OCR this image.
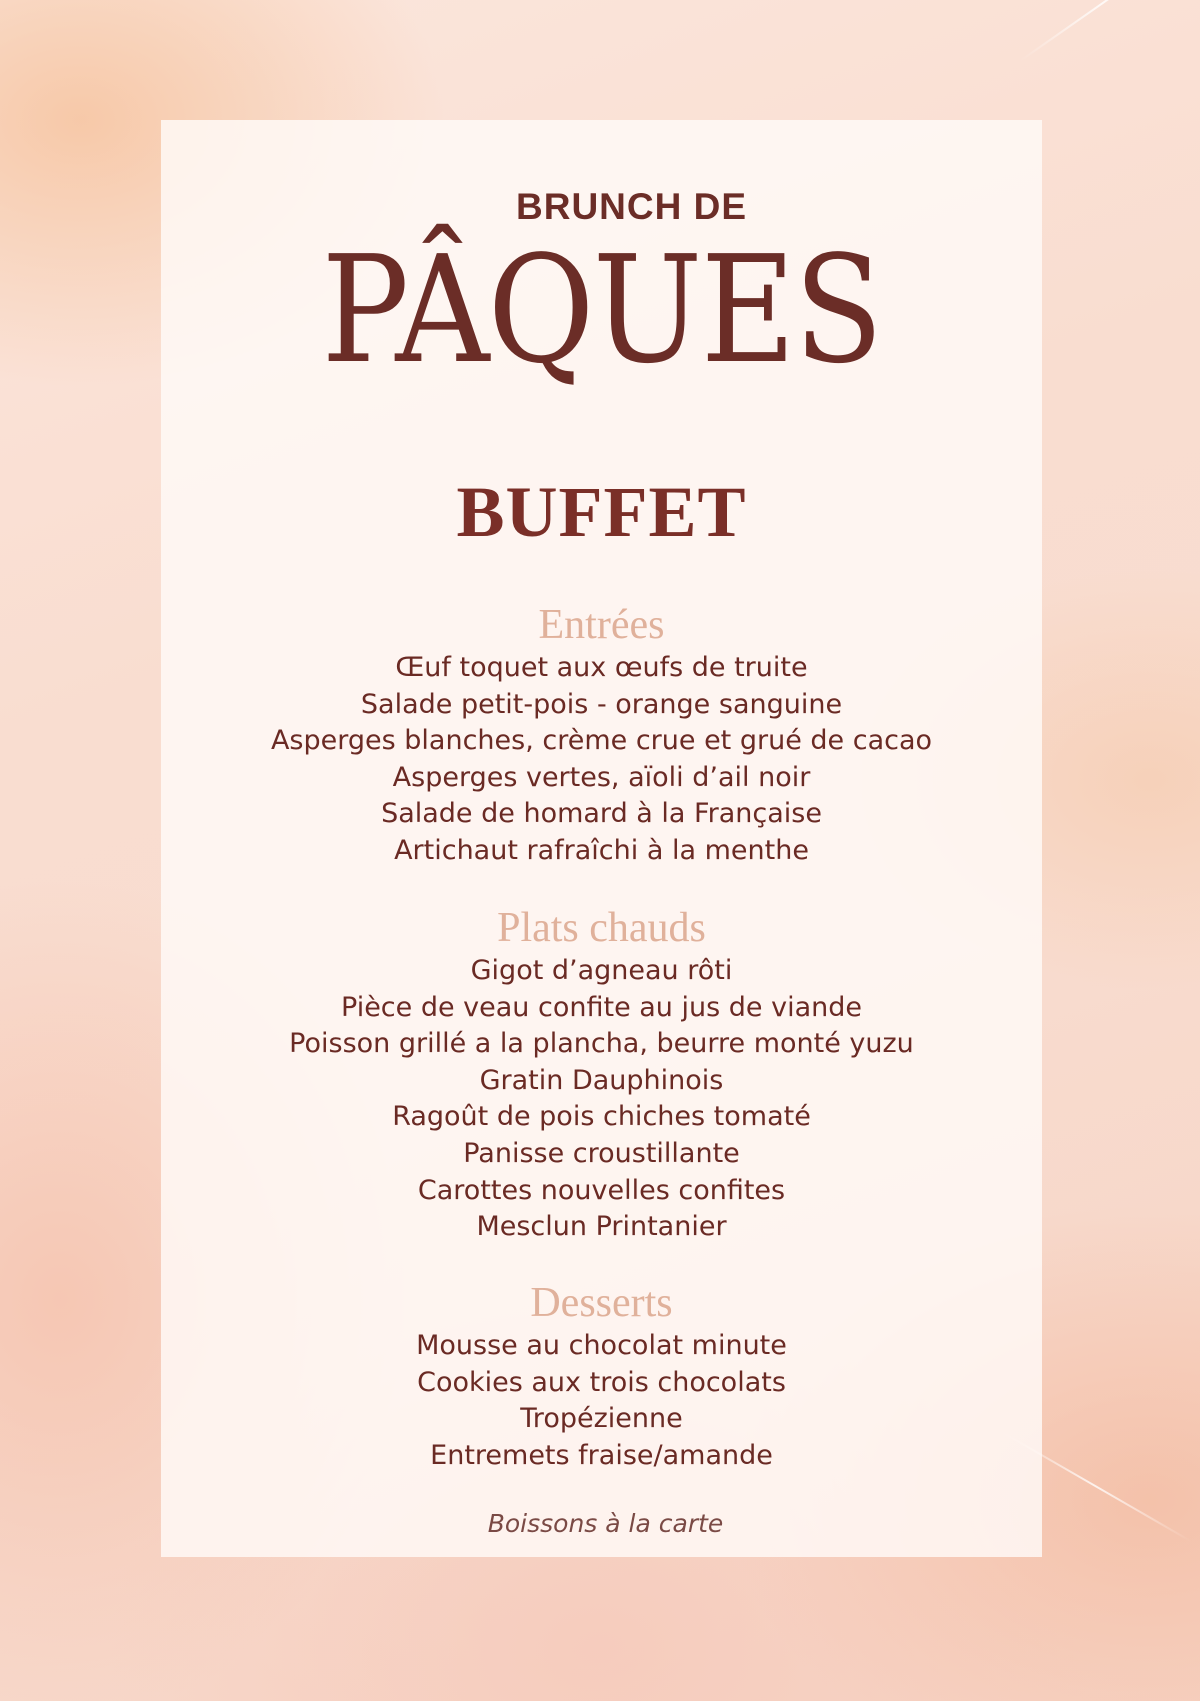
BRUNCH DE
PÂQUES
BUFFET
Entrées
Œuf toquet aux œufs de truite
Salade petit-pois - orange sanguine
Asperges blanches, crème crue et grué de cacao
Asperges vertes, aïoli d’ail noir
Salade de homard à la Française
Artichaut rafraîchi à la menthe
Plats chauds
Gigot d’agneau rôti
Pièce de veau confite au jus de viande
Poisson grillé a la plancha, beurre monté yuzu
Gratin Dauphinois
Ragoût de pois chiches tomaté
Panisse croustillante
Carottes nouvelles confites
Mesclun Printanier
Desserts
Mousse au chocolat minute
Cookies aux trois chocolats
Tropézienne
Entremets fraise/amande
Boissons à la carte
